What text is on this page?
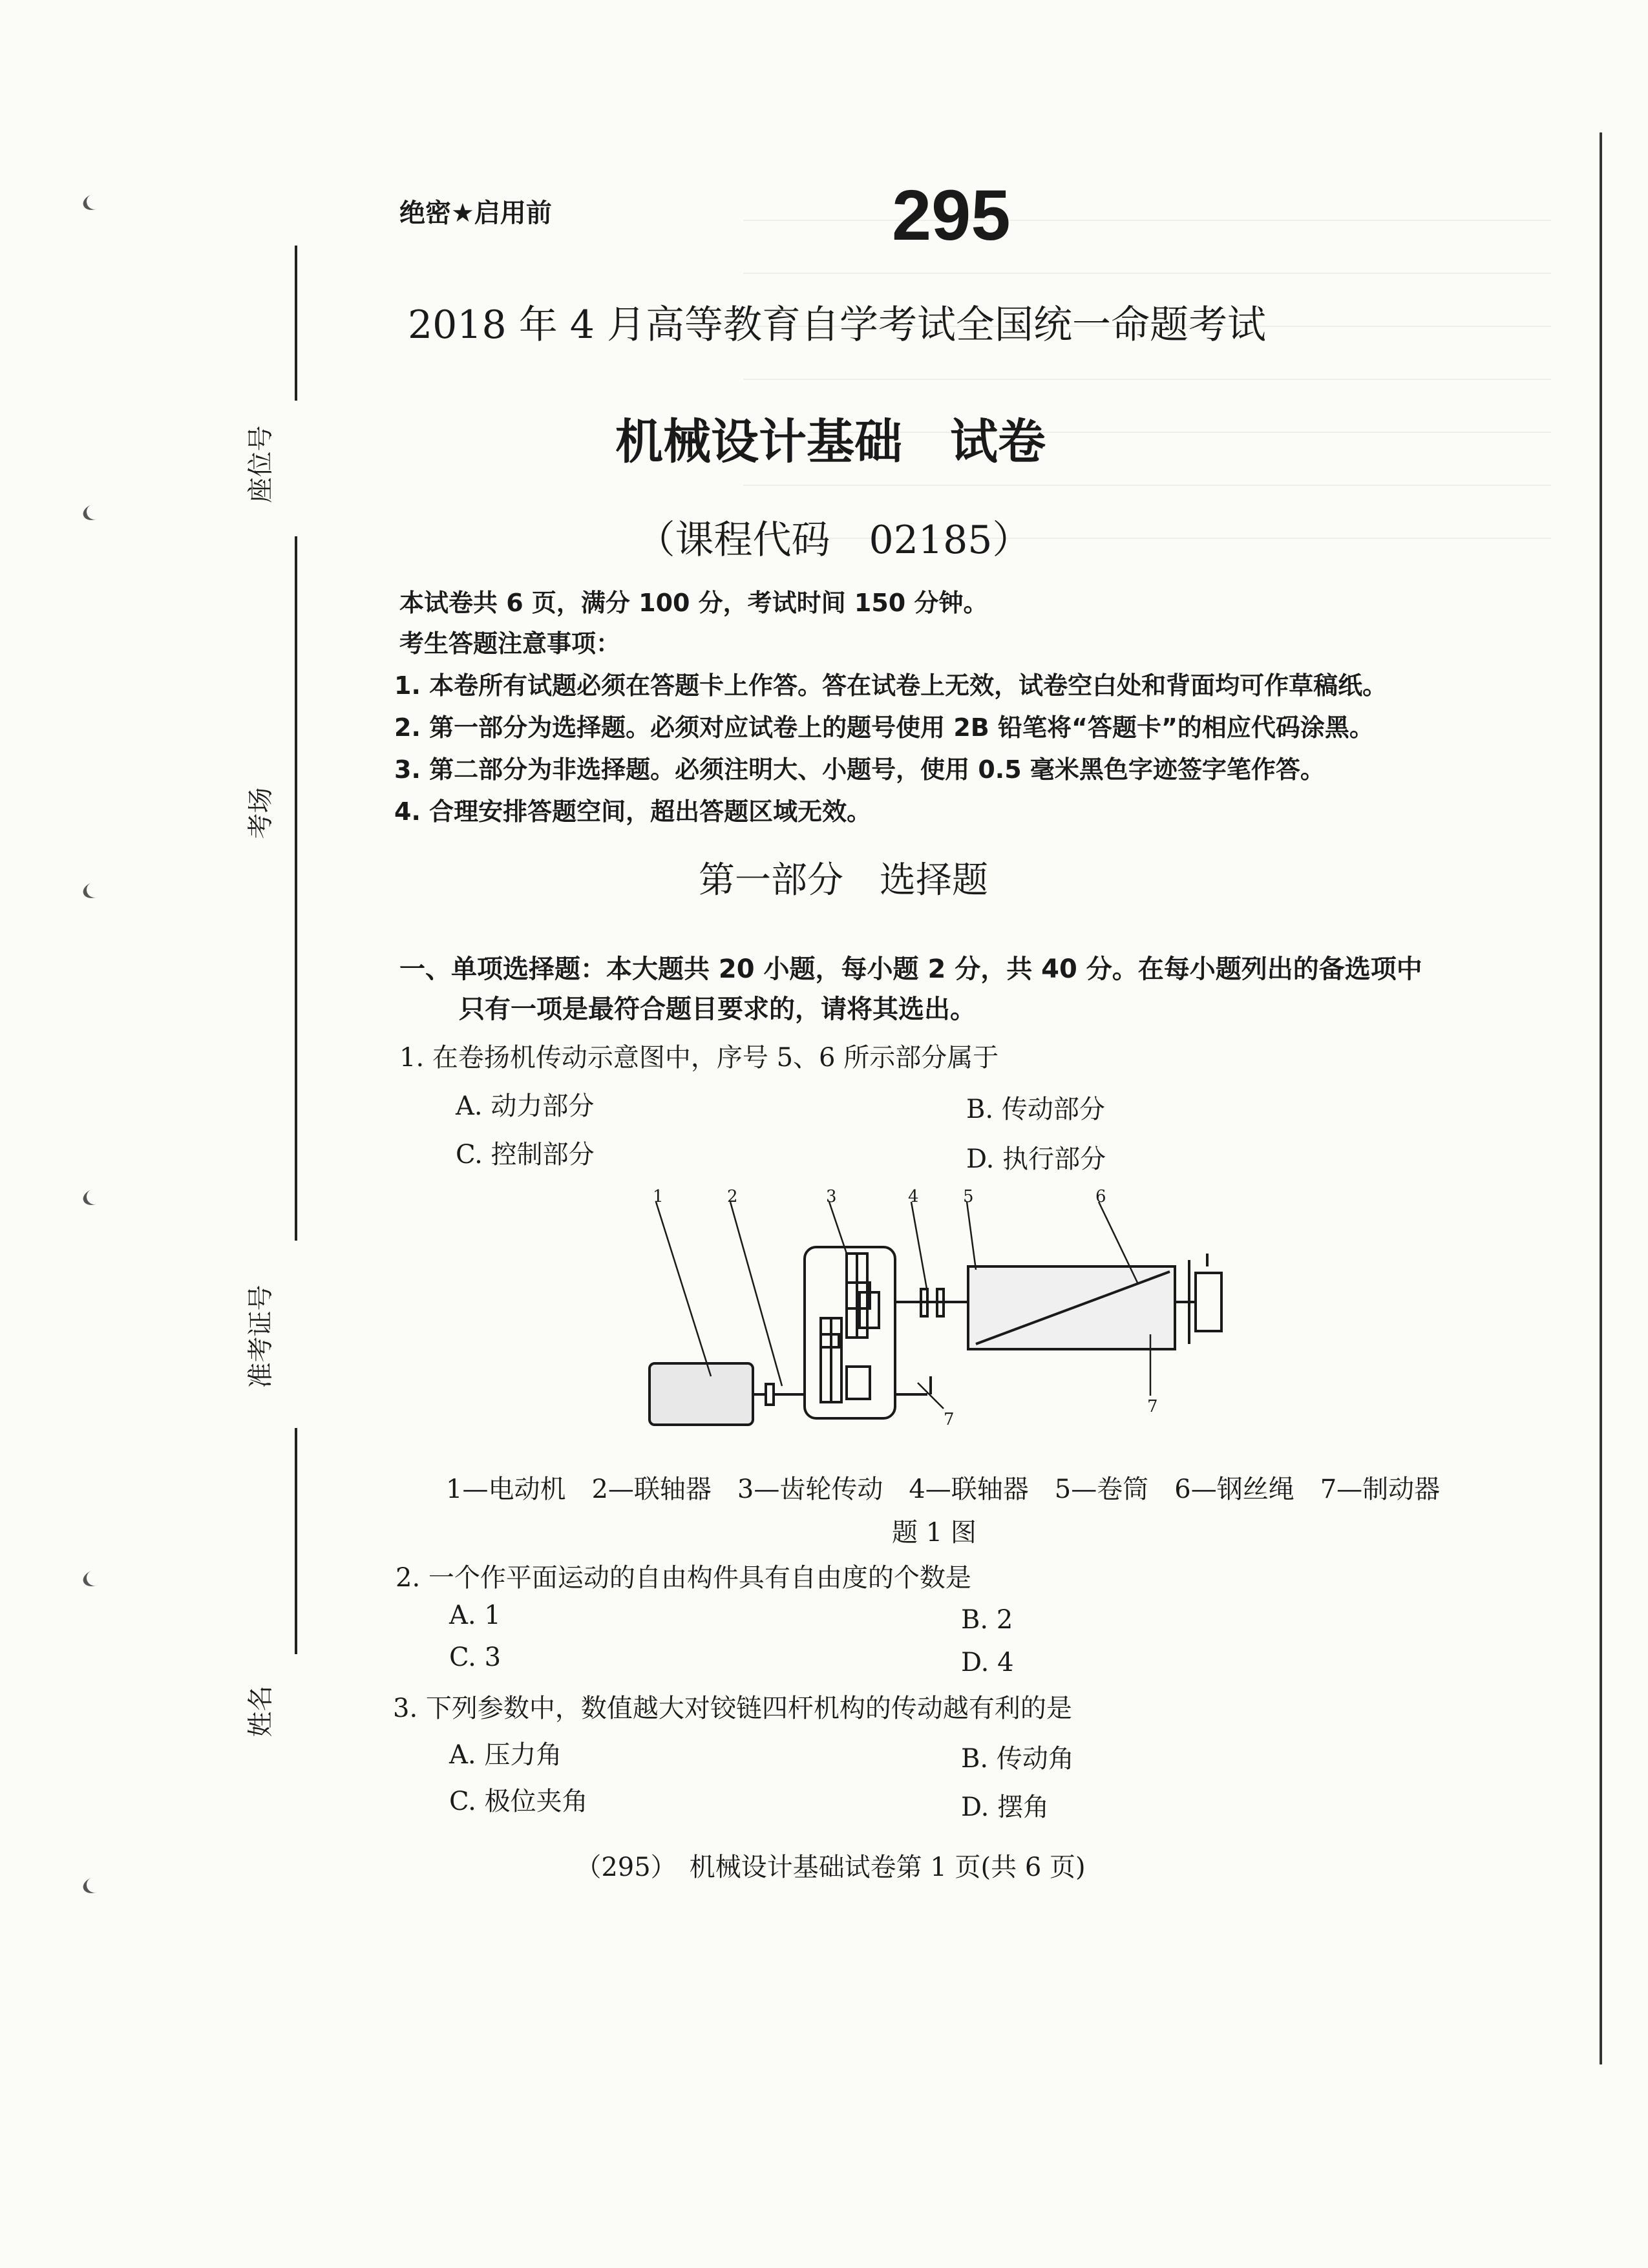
座位号
考场
准考证号
姓名
绝密★启用前	295
2018 年 4 月高等教育自学考试全国统一命题考试
机械设计基础　试卷
（课程代码　02185）
本试卷共 6 页，满分 100 分，考试时间 150 分钟。
考生答题注意事项：
1. 本卷所有试题必须在答题卡上作答。答在试卷上无效，试卷空白处和背面均可作草稿纸。
2. 第一部分为选择题。必须对应试卷上的题号使用 2B 铅笔将“答题卡”的相应代码涂黑。
3. 第二部分为非选择题。必须注明大、小题号，使用 0.5 毫米黑色字迹签字笔作答。
4. 合理安排答题空间，超出答题区域无效。
第一部分　选择题
一、单项选择题：本大题共 20 小题，每小题 2 分，共 40 分。在每小题列出的备选项中
只有一项是最符合题目要求的，请将其选出。
1. 在卷扬机传动示意图中，序号 5、6 所示部分属于
A. 动力部分	B. 传动部分
C. 控制部分	D. 执行部分
1	2	3	4	5	6
7
7
1—电动机　2—联轴器　3—齿轮传动　4—联轴器　5—卷筒　6—钢丝绳　7—制动器
题 1 图
2. 一个作平面运动的自由构件具有自由度的个数是
A. 1	B. 2
C. 3	D. 4
3. 下列参数中，数值越大对铰链四杆机构的传动越有利的是
A. 压力角	B. 传动角
C. 极位夹角	D. 摆角
（295）　机械设计基础试卷第 1 页(共 6 页)
